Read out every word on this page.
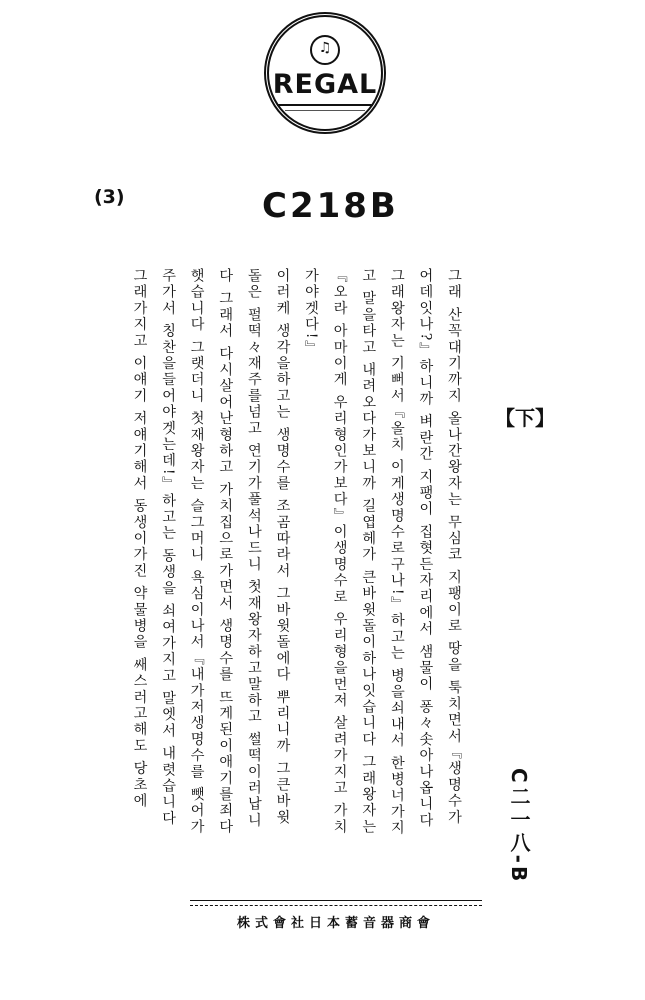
♫
REGAL
(3)	C218B

그래 산꼭대기까지 올나간왕자는 무심코 지팽이로 땅을 툭치면서『생명수가 어데잇나?』하니까 벼란간 지팽이 집혓든자리에서 샘물이 퐁々솟아나옵니다 그래왕자는 기뻐서『올치 이게생명수로구나!』하고는 병을쇠내서 한병너가지고 말을타고 내려오다가보니까 길엽헤가 큰바윗돌이하나잇습니다 그래왕자는『오라 아마이게 우리형인가보다』이생명수로 우리형을먼저 살려가지고 가치가야겟다!』

이러케 생각을하고는 생명수를 조곰따라서 그바윗돌에다 뿌리니까 그큰바윗돌은 펄떡々재주를넘고 연기가풀석나드니 첫재왕자하고말하고 썰떡이러납니다 그래서 다시살어난형하고 가치집으로가면서 생명수를 뜨게된이애기를죄다햇습니다 그랫더니 첫재왕자는 슬그머니 욕심이나서『내가저생명수를 뺏어가주가서 칭찬을들어야겟는데!』하고는 동생을 쇠여가지고 말엣서 내렷습니다

그래가지고 이얘기 저얘기해서 동생이가진 약물병을 쌔스러고해도 당초에	【下】
C二一八-B
株式會社日本蓄音器商會
